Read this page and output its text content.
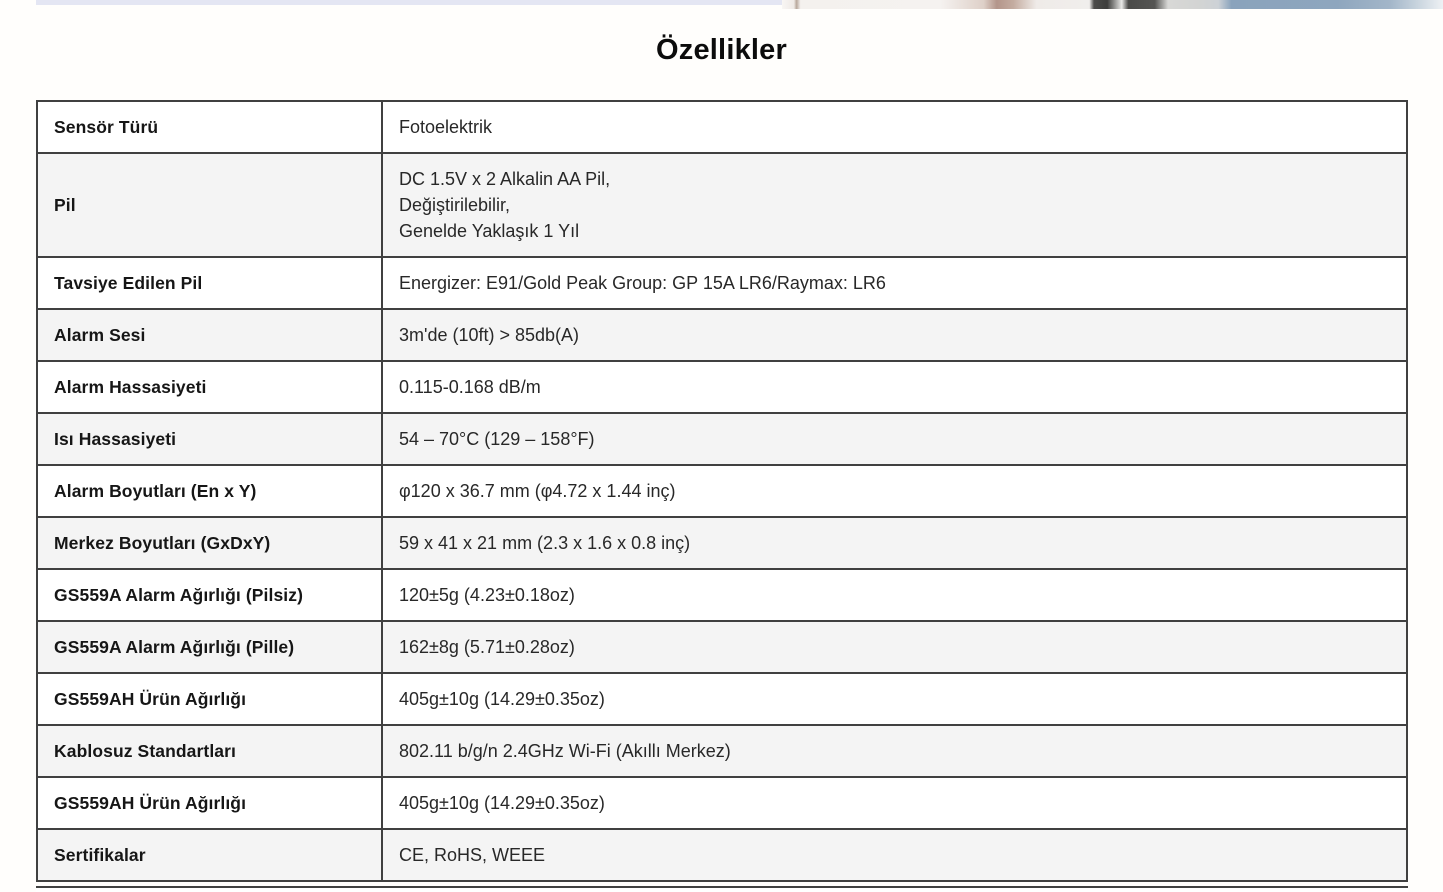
Özellikler
Sensör Türü	Fotoelektrik

Pil	DC 1.5V x 2 Alkalin AA Pil,
Değiştirilebilir,
Genelde Yaklaşık 1 Yıl

Tavsiye Edilen Pil	Energizer: E91/Gold Peak Group: GP 15A LR6/Raymax: LR6

Alarm Sesi	3m'de (10ft) > 85db(A)

Alarm Hassasiyeti	0.115-0.168 dB/m

Isı Hassasiyeti	54 – 70°C (129 – 158°F)

Alarm Boyutları (En x Y)	φ120 x 36.7 mm (φ4.72 x 1.44 inç)

Merkez Boyutları (GxDxY)	59 x 41 x 21 mm (2.3 x 1.6 x 0.8 inç)

GS559A Alarm Ağırlığı (Pilsiz)	120±5g (4.23±0.18oz)

GS559A Alarm Ağırlığı (Pille)	162±8g (5.71±0.28oz)

GS559AH Ürün Ağırlığı	405g±10g (14.29±0.35oz)

Kablosuz Standartları	802.11 b/g/n 2.4GHz Wi-Fi (Akıllı Merkez)

GS559AH Ürün Ağırlığı	405g±10g (14.29±0.35oz)

Sertifikalar	CE, RoHS, WEEE
